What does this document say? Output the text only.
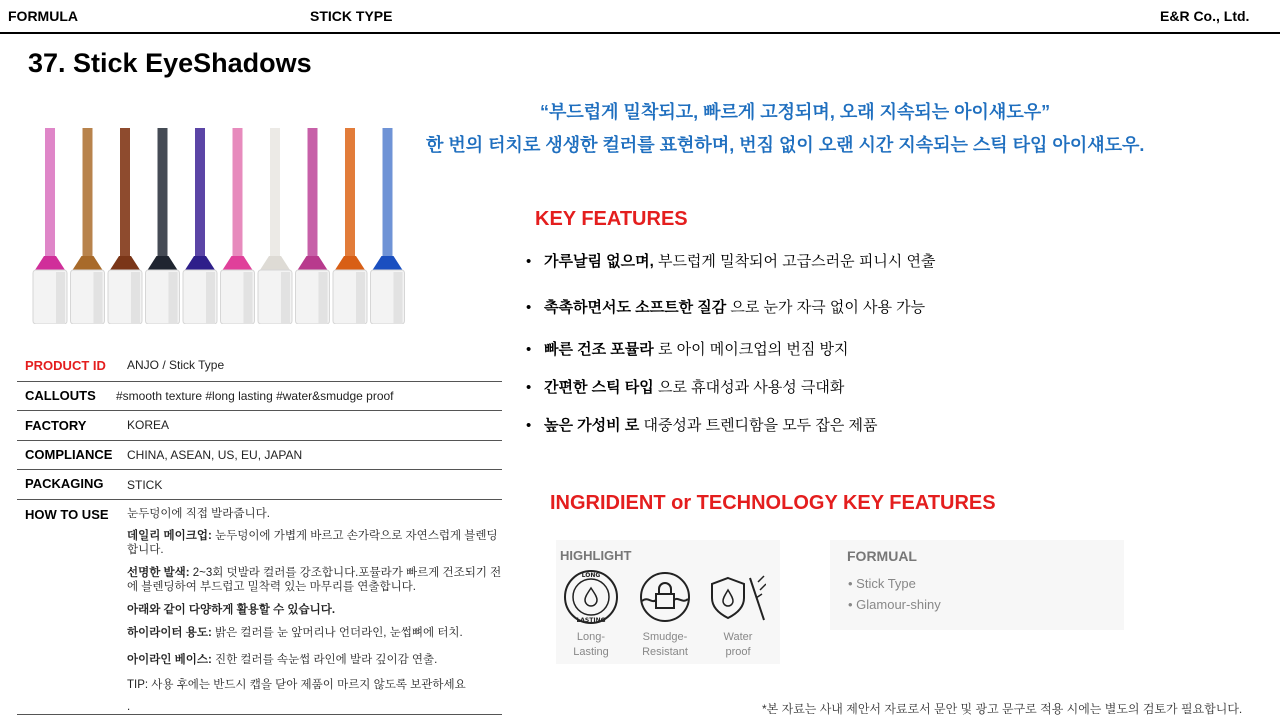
FORMULA	STICK TYPE	E&R Co., Ltd.
37. Stick EyeShadows
“부드럽게 밀착되고, 빠르게 고정되며, 오래 지속되는 아이섀도우”
한 번의 터치로 생생한 컬러를 표현하며, 번짐 없이 오랜 시간 지속되는 스틱 타입 아이섀도우.
KEY FEATURES
• 가루날림 없으며, 부드럽게 밀착되어 고급스러운 피니시 연출
• 촉촉하면서도 소프트한 질감 으로 눈가 자극 없이 사용 가능
• 빠른 건조 포뮬라 로 아이 메이크업의 번짐 방지
• 간편한 스틱 타입 으로 휴대성과 사용성 극대화
• 높은 가성비 로 대중성과 트렌디함을 모두 잡은 제품
PRODUCT ID ANJO / Stick Type
CALLOUTS #smooth texture #long lasting #water&smudge proof
FACTORY	KOREA
COMPLIANCE CHINA, ASEAN, US, EU, JAPAN
PACKAGING STICK
HOW TO USE 눈두덩이에 직접 발라줍니다.

데일리 메이크업: 눈두덩이에 가볍게 바르고 손가락으로 자연스럽게 블렌딩합니다.

선명한 발색: 2~3회 덧발라 컬러를 강조합니다.포뮬라가 빠르게 건조되기 전에 블렌딩하여 부드럽고 밀착력 있는 마무리를 연출합니다.

아래와 같이 다양하게 활용할 수 있습니다.

하이라이터 용도: 밝은 컬러를 눈 앞머리나 언더라인, 눈썹뼈에 터치.

아이라인 베이스: 진한 컬러를 속눈썹 라인에 발라 깊이감 연출.

TIP: 사용 후에는 반드시 캡을 닫아 제품이 마르지 않도록 보관하세요

.

INGRIDIENT or TECHNOLOGY KEY FEATURES
HIGHLIGHT
LONG
LASTING
Long-
Lasting
Smudge-
Resistant
Water
proof
FORMUAL
• Stick Type
• Glamour-shiny
*본 자료는 사내 제안서 자료로서 문안 및 광고 문구로 적용 시에는 별도의 검토가 필요합니다.
